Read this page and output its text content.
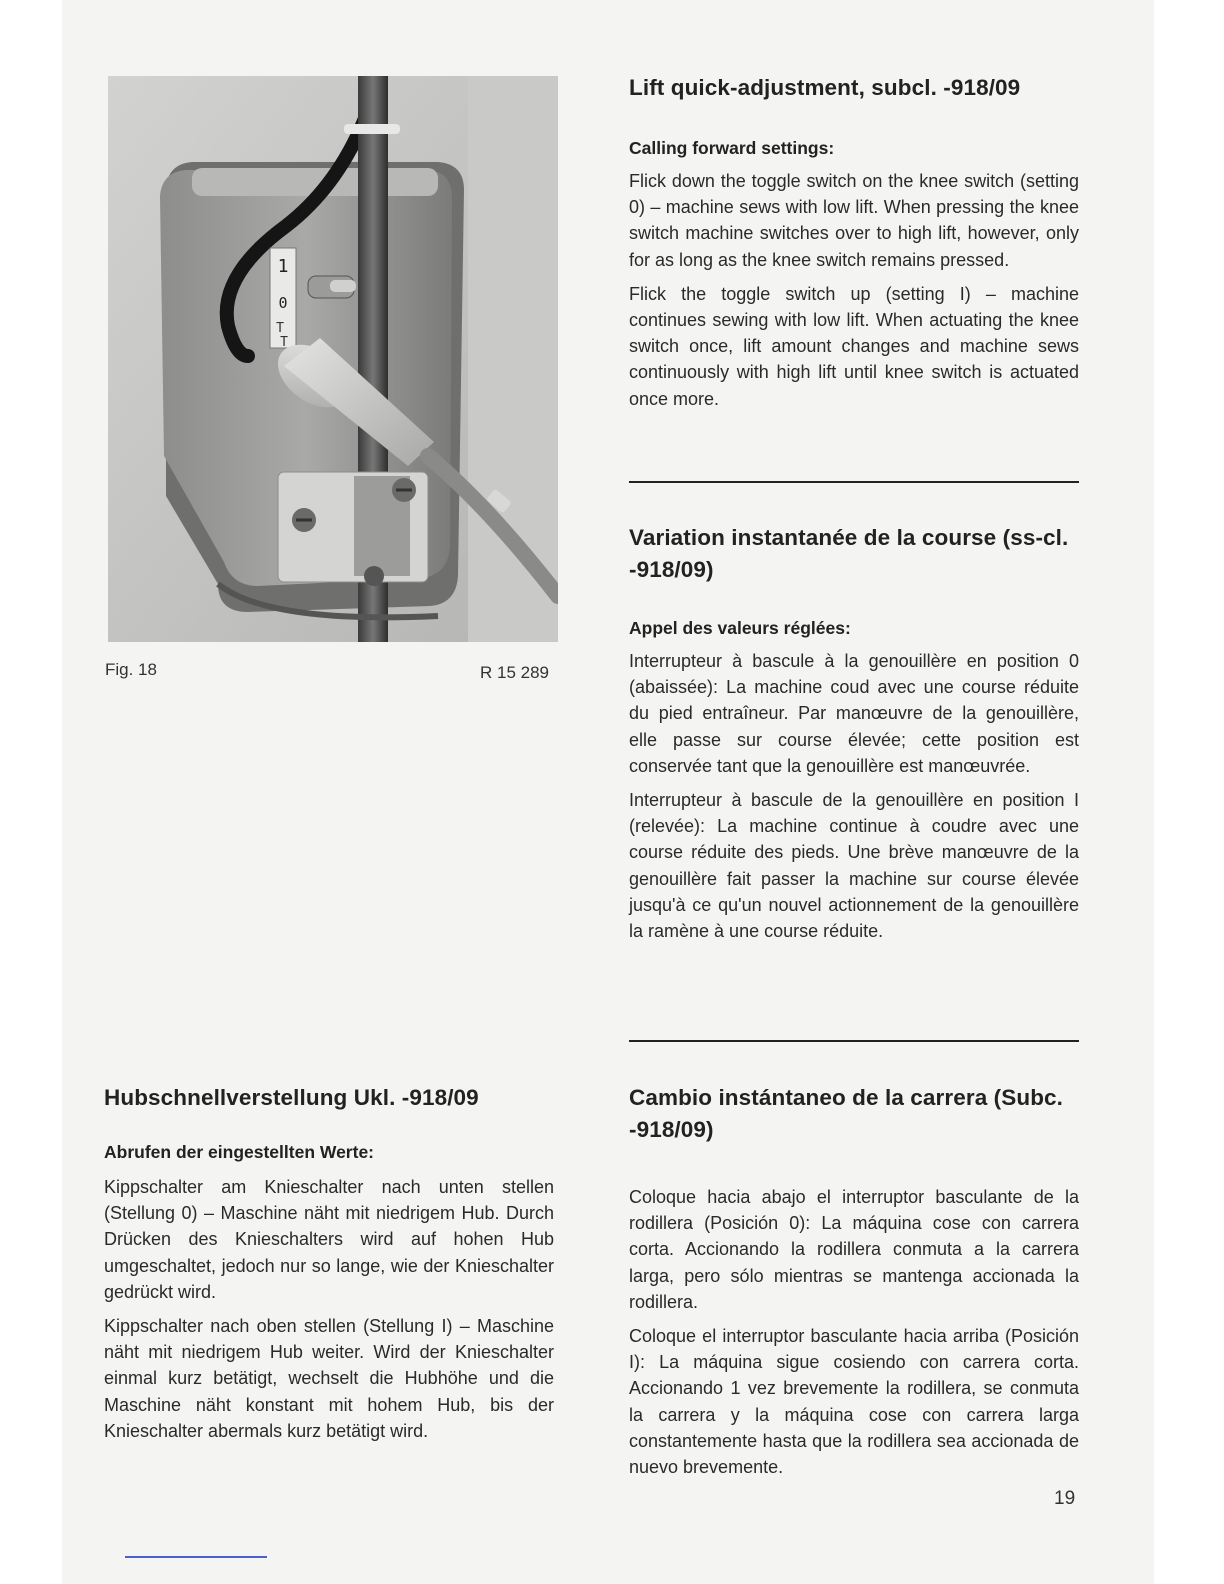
1
0
T
T
Fig. 18	R 15 289
Lift quick-adjustment, subcl. -918/09
Calling forward settings:

Flick down the toggle switch on the knee switch (setting 0) – machine sews with low lift. When pressing the knee switch machine switches over to high lift, however, only for as long as the knee switch remains pressed.

Flick the toggle switch up (setting I) – machine continues sewing with low lift. When actuating the knee switch once, lift amount changes and machine sews continuously with high lift until knee switch is actuated once more.

Variation instantanée de la course (ss-cl. -918/09)
Appel des valeurs réglées:

Interrupteur à bascule à la genouillère en position 0 (abaissée): La machine coud avec une course réduite du pied entraîneur. Par manœuvre de la genouillère, elle passe sur course élevée; cette position est conservée tant que la genouillère est manœuvrée.

Interrupteur à bascule de la genouillère en position I (relevée): La machine continue à coudre avec une course réduite des pieds. Une brève manœuvre de la genouillère fait passer la machine sur course élevée jusqu'à ce qu'un nouvel actionnement de la genouillère la ramène à une course réduite.

Hubschnellverstellung Ukl. -918/09
Abrufen der eingestellten Werte:

Kippschalter am Knieschalter nach unten stellen (Stellung 0) – Maschine näht mit niedrigem Hub. Durch Drücken des Knieschalters wird auf hohen Hub umgeschaltet, jedoch nur so lange, wie der Knieschalter gedrückt wird.

Kippschalter nach oben stellen (Stellung I) – Maschine näht mit niedrigem Hub weiter. Wird der Knieschalter einmal kurz betätigt, wechselt die Hubhöhe und die Maschine näht konstant mit hohem Hub, bis der Knieschalter abermals kurz betätigt wird.

Cambio instántaneo de la carrera (Subc. -918/09)

Coloque hacia abajo el interruptor basculante de la rodillera (Posición 0): La máquina cose con carrera corta. Accionando la rodillera conmuta a la carrera larga, pero sólo mientras se mantenga accionada la rodillera.

Coloque el interruptor basculante hacia arriba (Posición I): La máquina sigue cosiendo con carrera corta. Accionando 1 vez brevemente la rodillera, se conmuta la carrera y la máquina cose con carrera larga constantemente hasta que la rodillera sea accionada de nuevo brevemente.

19
